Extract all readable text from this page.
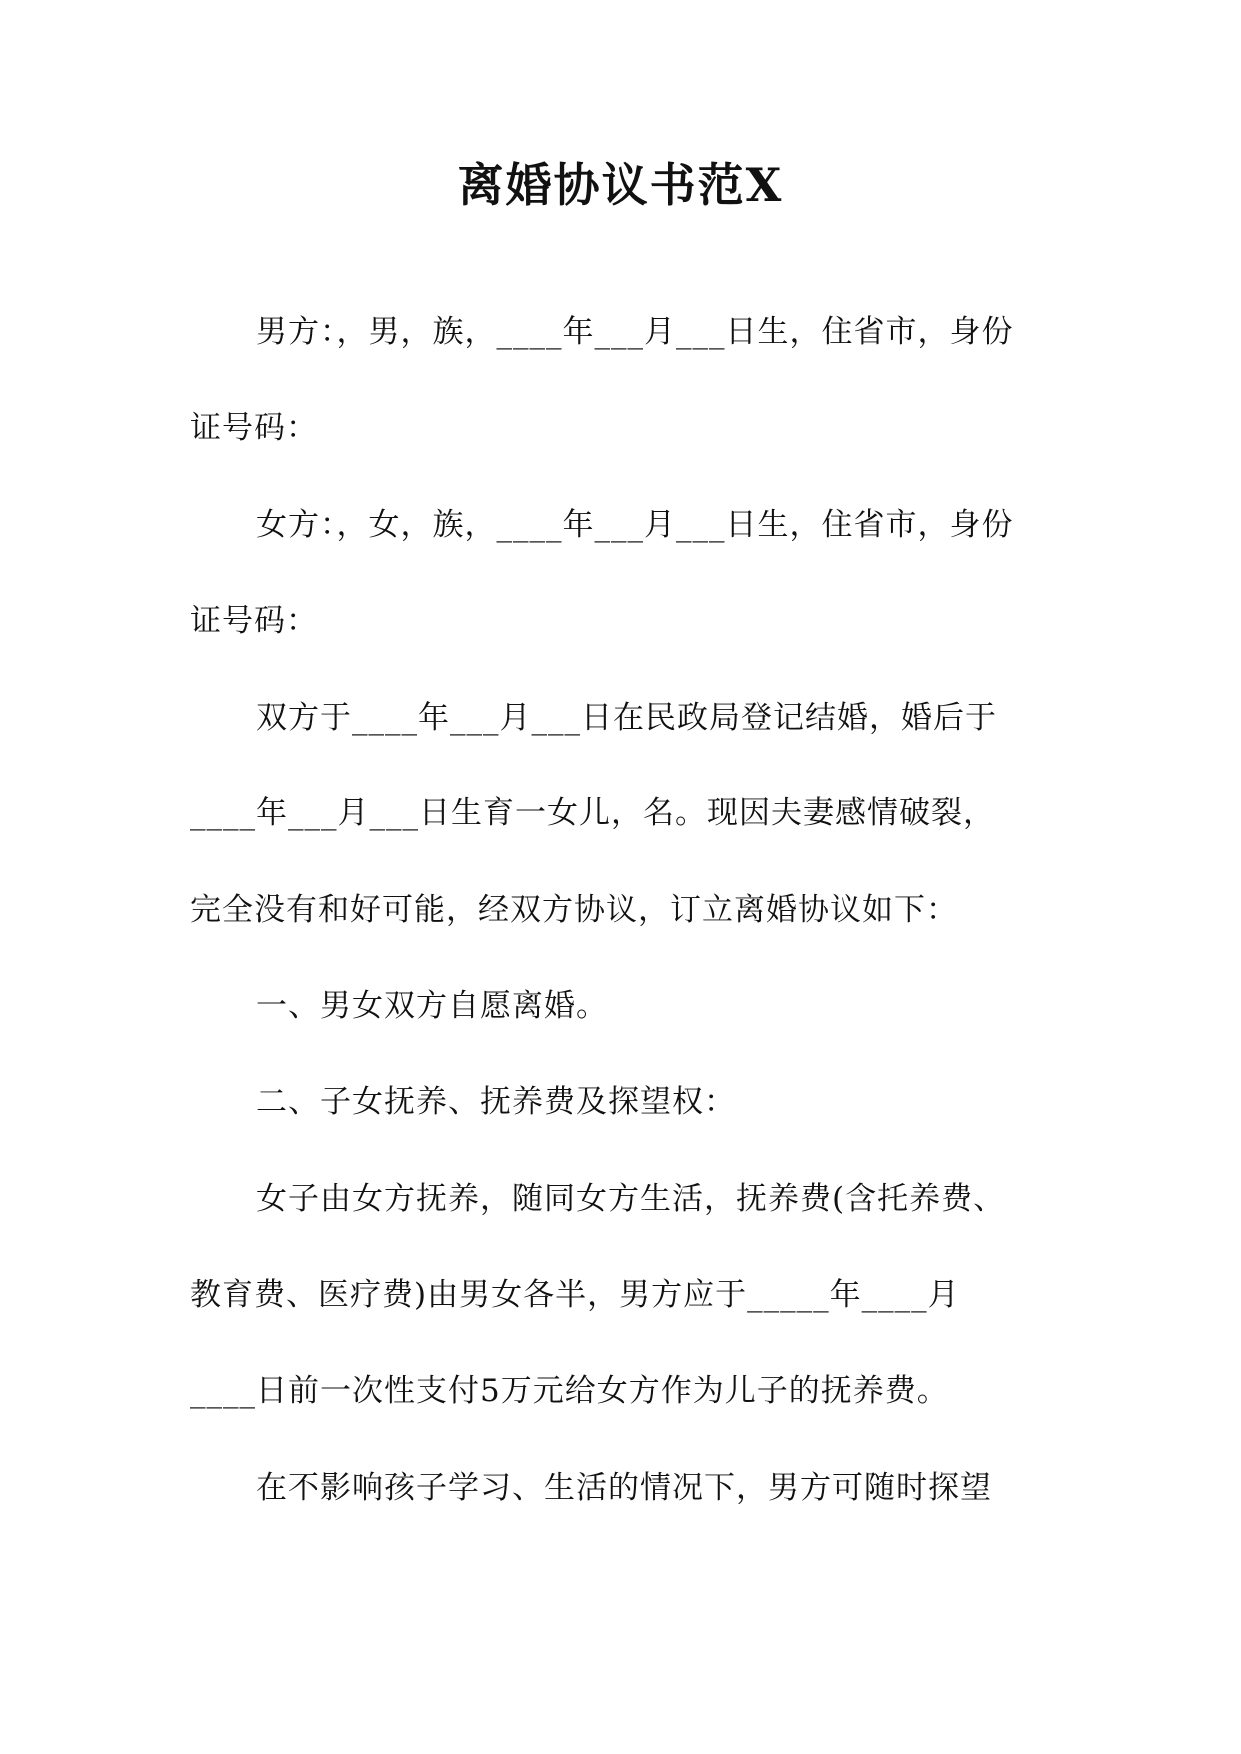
离婚协议书范X
男方：，男，族，____年___月___日生，住省市，身份
证号码：
女方：，女，族，____年___月___日生，住省市，身份
证号码：
双方于____年___月___日在民政局登记结婚，婚后于
____年___月___日生育一女儿，名。现因夫妻感情破裂，
完全没有和好可能，经双方协议，订立离婚协议如下：
一、男女双方自愿离婚。
二、子女抚养、抚养费及探望权：
女子由女方抚养，随同女方生活，抚养费(含托养费、
教育费、医疗费)由男女各半，男方应于_____年____月
____日前一次性支付5万元给女方作为儿子的抚养费。
在不影响孩子学习、生活的情况下，男方可随时探望
